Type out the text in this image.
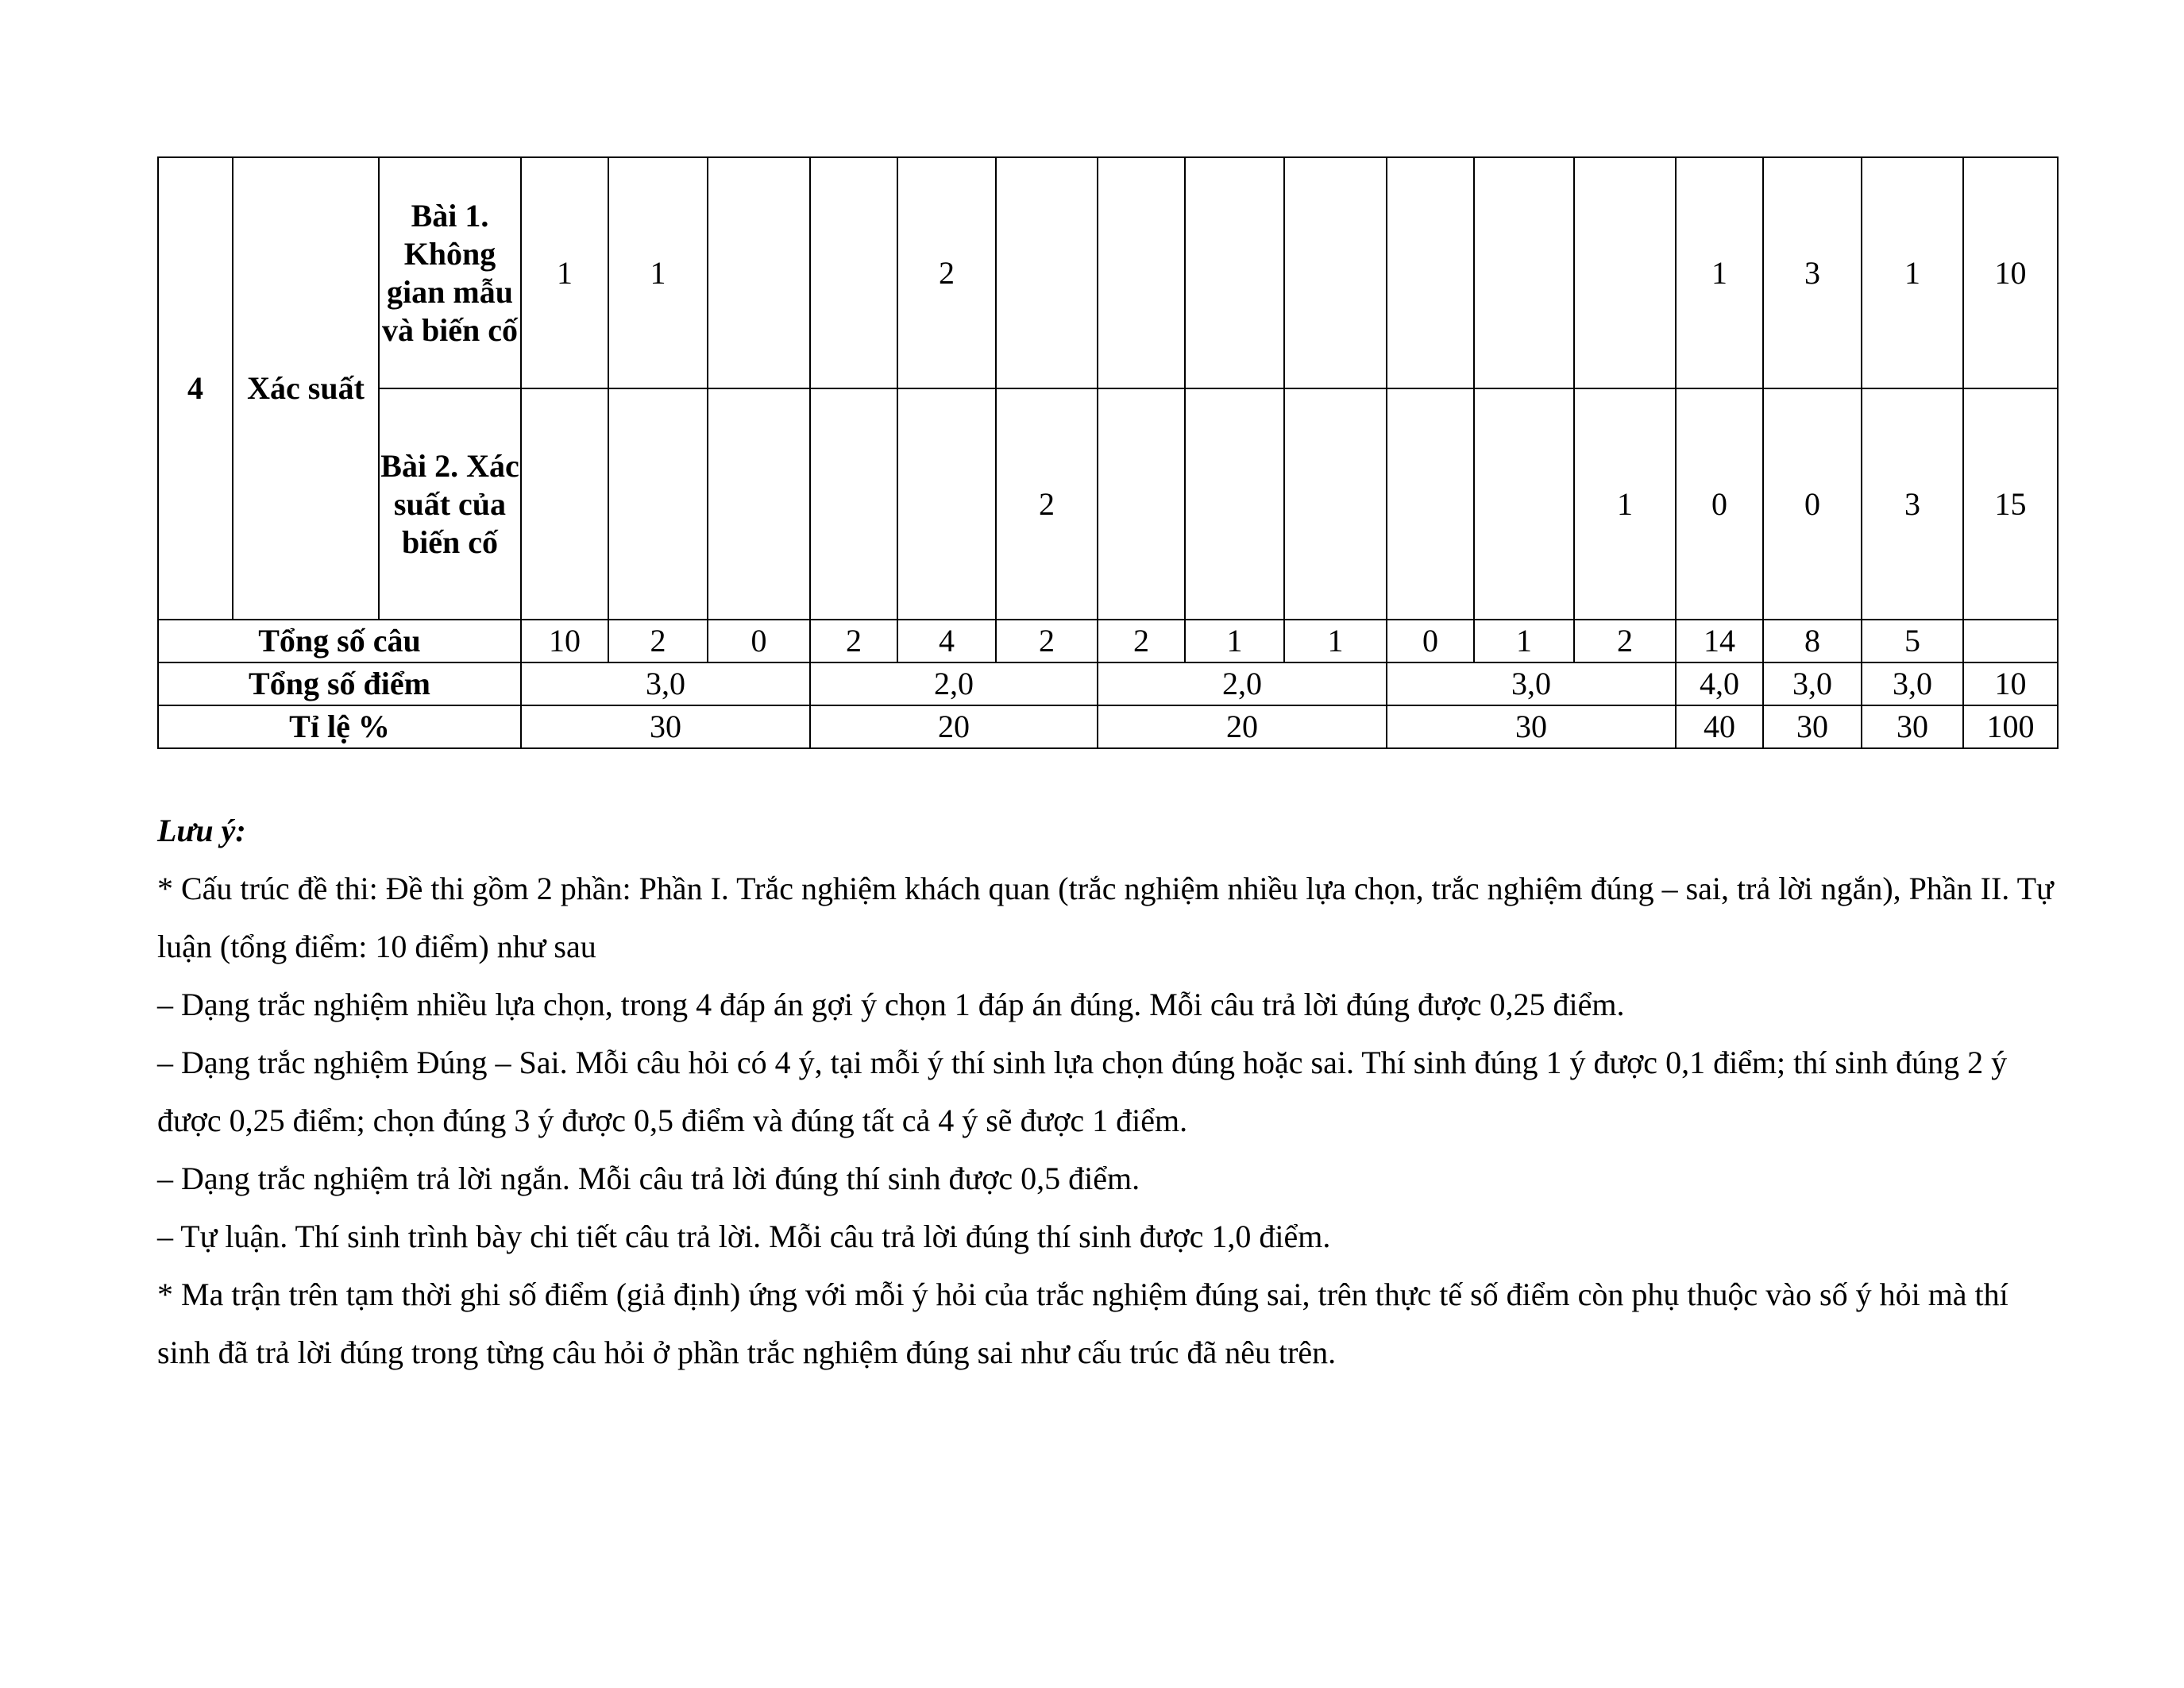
4	Xác suất	Bài 1. Không gian mẫu và biến cố	1	1			2								1	3	1	10
		Bài 2. Xác suất của biến cố						2						1	0	0	3	15
Tổng số câu			10	2	0	2	4	2	2	1	1	0	1	2	14	8	5	
Tổng số điểm			3,0			2,0			2,0			3,0			4,0	3,0	3,0	10
Tỉ lệ %			30			20			20			30			40	30	30	100

Lưu ý:

* Cấu trúc đề thi: Đề thi gồm 2 phần: Phần I. Trắc nghiệm khách quan (trắc nghiệm nhiều lựa chọn, trắc nghiệm đúng – sai, trả lời ngắn), Phần II. Tự luận (tổng điểm: 10 điểm) như sau

– Dạng trắc nghiệm nhiều lựa chọn, trong 4 đáp án gợi ý chọn 1 đáp án đúng. Mỗi câu trả lời đúng được 0,25 điểm.

– Dạng trắc nghiệm Đúng – Sai. Mỗi câu hỏi có 4 ý, tại mỗi ý thí sinh lựa chọn đúng hoặc sai. Thí sinh đúng 1 ý được 0,1 điểm; thí sinh đúng 2 ý được 0,25 điểm; chọn đúng 3 ý được 0,5 điểm và đúng tất cả 4 ý sẽ được 1 điểm.

– Dạng trắc nghiệm trả lời ngắn. Mỗi câu trả lời đúng thí sinh được 0,5 điểm.

– Tự luận. Thí sinh trình bày chi tiết câu trả lời. Mỗi câu trả lời đúng thí sinh được 1,0 điểm.

* Ma trận trên tạm thời ghi số điểm (giả định) ứng với mỗi ý hỏi của trắc nghiệm đúng sai, trên thực tế số điểm còn phụ thuộc vào số ý hỏi mà thí sinh đã trả lời đúng trong từng câu hỏi ở phần trắc nghiệm đúng sai như cấu trúc đã nêu trên.
